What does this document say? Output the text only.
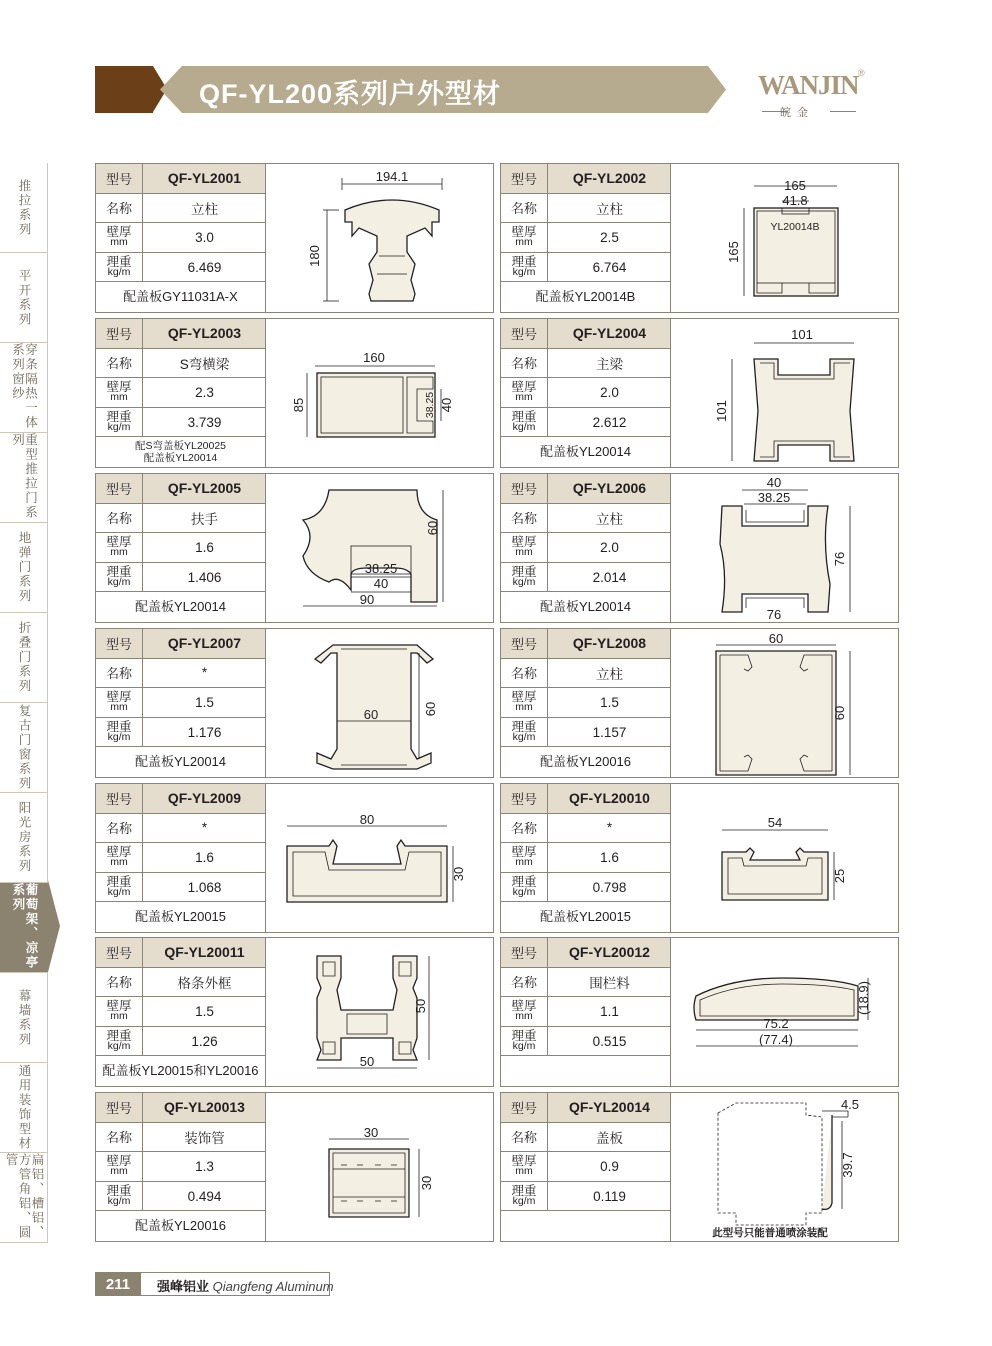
QF-YL200系列户外型材	WANJIN ®
皖金
推拉系列
平开系列
穿条隔热一体系列窗纱
重型推拉门系列
地弹门系列
折叠门系列
复古门窗系列
阳光房系列
葡萄架、凉亭系列
幕墙系列
通用装饰型材
扁铝、槽铝、方管角铝、圆管
型号	QF-YL2001
名称	立柱
壁厚
mm	3.0
理重
kg/m	6.469
配盖板GY11031A-X
194.1
180
型号	QF-YL2002
名称	立柱
壁厚
mm	2.5
理重
kg/m	6.764
配盖板YL20014B
165
41.8
165
YL20014B
型号	QF-YL2003
名称	S弯横梁
壁厚
mm	2.3
理重
kg/m	3.739
配S弯盖板YL20025
配盖板YL20014
160
85	38.25 40
型号	QF-YL2004
名称	主梁
壁厚
mm	2.0
理重
kg/m	2.612
配盖板YL20014
101
101
型号	QF-YL2005
名称	扶手
壁厚
mm	1.6
理重
kg/m	1.406
配盖板YL20014
60
38.25
40
90
型号	QF-YL2006
名称	立柱
壁厚
mm	2.0
理重
kg/m	2.014
配盖板YL20014
40
38.25
76
76
型号	QF-YL2007
名称	*
壁厚
mm	1.5
理重
kg/m	1.176
配盖板YL20014
60	60
型号	QF-YL2008
名称	立柱
壁厚
mm	1.5
理重
kg/m	1.157
配盖板YL20016
60
60
型号	QF-YL2009
名称	*
壁厚
mm	1.6
理重
kg/m	1.068
配盖板YL20015
80
30
型号	QF-YL20010
名称	*
壁厚
mm	1.6
理重
kg/m	0.798
配盖板YL20015
54
25
型号	QF-YL20011
名称	格条外框
壁厚
mm	1.5
理重
kg/m	1.26
配盖板YL20015和YL20016
50
50
型号	QF-YL20012
名称	围栏料
壁厚
mm	1.1
理重
kg/m	0.515
(18.9)
75.2
(77.4)
型号	QF-YL20013
名称	装饰管
壁厚
mm	1.3
理重
kg/m	0.494
配盖板YL20016
30
30
型号	QF-YL20014
名称	盖板
壁厚
mm	0.9
理重
kg/m	0.119
4.5
39.7
此型号只能普通喷涂装配
211	强峰铝业 Qiangfeng Aluminum
